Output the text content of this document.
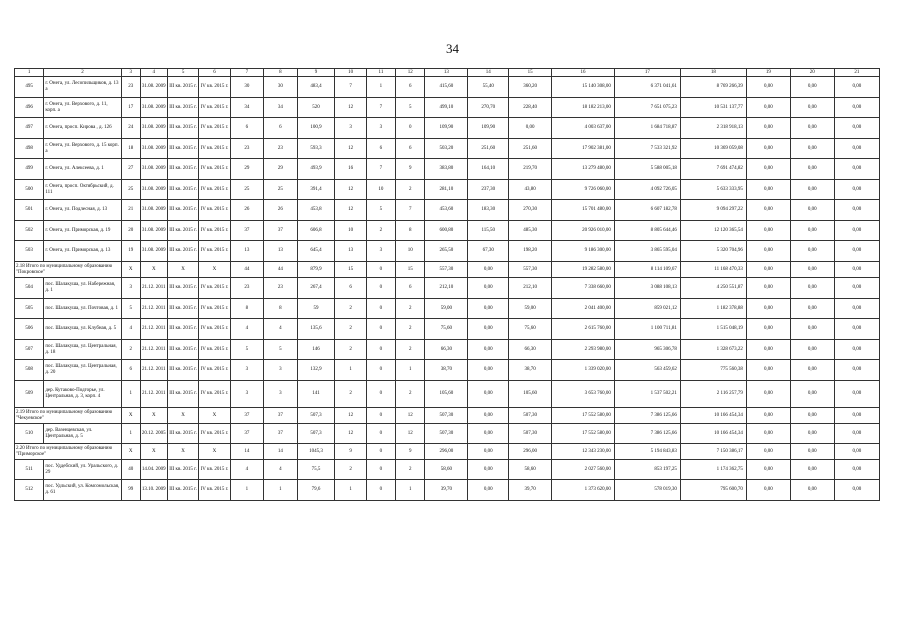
34
1	2	3	4	5	6	7	8	9	10	11	12	13	14	15	16	17	18	19	20	21
495	г. Онега, ул. Лесопильщиков, д. 13 а	23	31.08. 2009	III кв. 2015 г.	IV кв. 2015 г.	30	30	483,4	7	1	6	415,60	55,40	360,20	15 140 308,00	6 371 041,61	8 769 266,39	0,00	0,00	0,00
496	г. Онега, ул. Верхового, д. 11, корп. а	17	31.08. 2009	III кв. 2015 г.	IV кв. 2015 г.	34	34	520	12	7	5	499,10	270,70	228,40	18 182 213,00	7 651 075,23	10 531 137,77	0,00	0,00	0,00
497	г. Онега, просп. Кирова , д. 126	24	31.08. 2009	III кв. 2015 г.	IV кв. 2015 г.	6	6	100,9	3	3	0	109,90	109,90	0,00	4 003 637,00	1 684 718,87	2 318 918,13	0,00	0,00	0,00
498	г. Онега, ул. Верхового, д. 15 корп. а	18	31.08. 2009	III кв. 2015 г.	IV кв. 2015 г.	23	23	593,3	12	6	6	503,20	251,60	251,60	17 902 381,00	7 533 321,92	10 369 059,08	0,00	0,00	0,00
499	г. Онега, ул. Алексеева, д. 1	27	31.08. 2009	III кв. 2015 г.	IV кв. 2015 г.	29	29	493,9	16	7	9	383,80	164,10	219,70	13 279 480,00	5 588 005,18	7 691 474,82	0,00	0,00	0,00
500	г. Онега, просп. Октябрьский, д. 111	25	31.08. 2009	III кв. 2015 г.	IV кв. 2015 г.	25	25	391,4	12	10	2	281,10	237,30	43,80	9 726 060,00	4 092 726,05	5 633 333,95	0,00	0,00	0,00
501	г. Онега, ул. Подлесная, д. 13	21	31.08. 2009	III кв. 2015 г.	IV кв. 2015 г.	26	26	453,8	12	5	7	453,60	183,30	270,30	15 701 480,00	6 607 182,78	9 094 297,22	0,00	0,00	0,00
502	г. Онега, ул. Приморская, д. 19	20	31.08. 2009	III кв. 2015 г.	IV кв. 2015 г.	37	37	606,8	10	2	8	600,80	115,50	485,30	20 926 010,00	8 805 644,46	12 120 365,54	0,00	0,00	0,00
503	г. Онега, ул. Приморская, д. 13	19	31.08. 2009	III кв. 2015 г.	IV кв. 2015 г.	13	13	645,4	13	3	10	265,50	67,30	198,20	9 186 300,00	3 865 595,04	5 320 704,96	0,00	0,00	0,00
2.18 Итого по муниципальному образованию "Покровское"		X	X	X	X	44	44	879,9	15	0	15	557,30	0,00	557,30	19 282 580,00	8 114 109,67	11 168 470,33	0,00	0,00	0,00
504	пос. Шалакуша, ул. Набережная, д. 1	3	21.12. 2011	III кв. 2015 г.	IV кв. 2015 г.	23	23	267,4	6	0	6	212,10	0,00	212,10	7 338 660,00	3 088 108,13	4 250 551,87	0,00	0,00	0,00
505	пос. Шалакуша, ул. Почтовая, д. 1	5	21.12. 2011	III кв. 2015 г.	IV кв. 2015 г.	8	8	59	2	0	2	59,00	0,00	59,00	2 041 400,00	859 021,12	1 182 378,88	0,00	0,00	0,00
506	пос. Шалакуша, ул. Клубная, д. 5	4	21.12. 2011	III кв. 2015 г.	IV кв. 2015 г.	4	4	135,6	2	0	2	75,60	0,00	75,60	2 615 760,00	1 100 711,81	1 515 048,19	0,00	0,00	0,00
507	пос. Шалакуша, ул. Центральная, д. 18	2	21.12. 2011	III кв. 2015 г.	IV кв. 2015 г.	5	5	146	2	0	2	66,30	0,00	66,30	2 293 980,00	965 306,78	1 328 673,22	0,00	0,00	0,00
508	пос. Шалакуша, ул. Центральная, д. 20	6	21.12. 2011	III кв. 2015 г.	IV кв. 2015 г.	3	3	132,9	1	0	1	38,70	0,00	38,70	1 339 020,00	563 459,62	775 560,38	0,00	0,00	0,00
509	дер. Кутаково-Подгорье, ул. Центральная, д. 3, корп. 4	1	21.12. 2011	III кв. 2015 г.	IV кв. 2015 г.	3	3	141	2	0	2	105,60	0,00	105,60	3 653 760,00	1 537 502,21	2 116 257,79	0,00	0,00	0,00
2.19 Итого по муниципальному образованию "Чекуевское"		X	X	X	X	37	37	507,3	12	0	12	507,30	0,00	507,30	17 552 580,00	7 386 125,66	10 166 454,34	0,00	0,00	0,00
510	дер. Вазенцевская, ул. Центральная, д. 5	1	20.12. 2005	III кв. 2015 г.	IV кв. 2015 г.	37	37	507,3	12	0	12	507,30	0,00	507,30	17 552 580,00	7 386 125,66	10 166 454,34	0,00	0,00	0,00
2.20 Итого по муниципальному образованию "Приморское"		X	X	X	X	14	14	1045,3	9	0	9	296,00	0,00	296,00	12 343 230,00	5 194 843,83	7 150 386,17	0,00	0,00	0,00
511	пос. Уддебский, ул. Уральского, д. 29	40	14.04. 2009	III кв. 2015 г.	IV кв. 2015 г.	4	4	75,5	2	0	2	58,60	0,00	58,60	2 027 560,00	853 197,25	1 174 362,75	0,00	0,00	0,00
512	пос. Удльский, ул. Комсомольская, д. 61	99	13.10. 2009	III кв. 2015 г.	IV кв. 2015 г.	1	1	79,6	1	0	1	39,70	0,00	39,70	1 373 620,00	578 019,30	795 600,70	0,00	0,00	0,00
